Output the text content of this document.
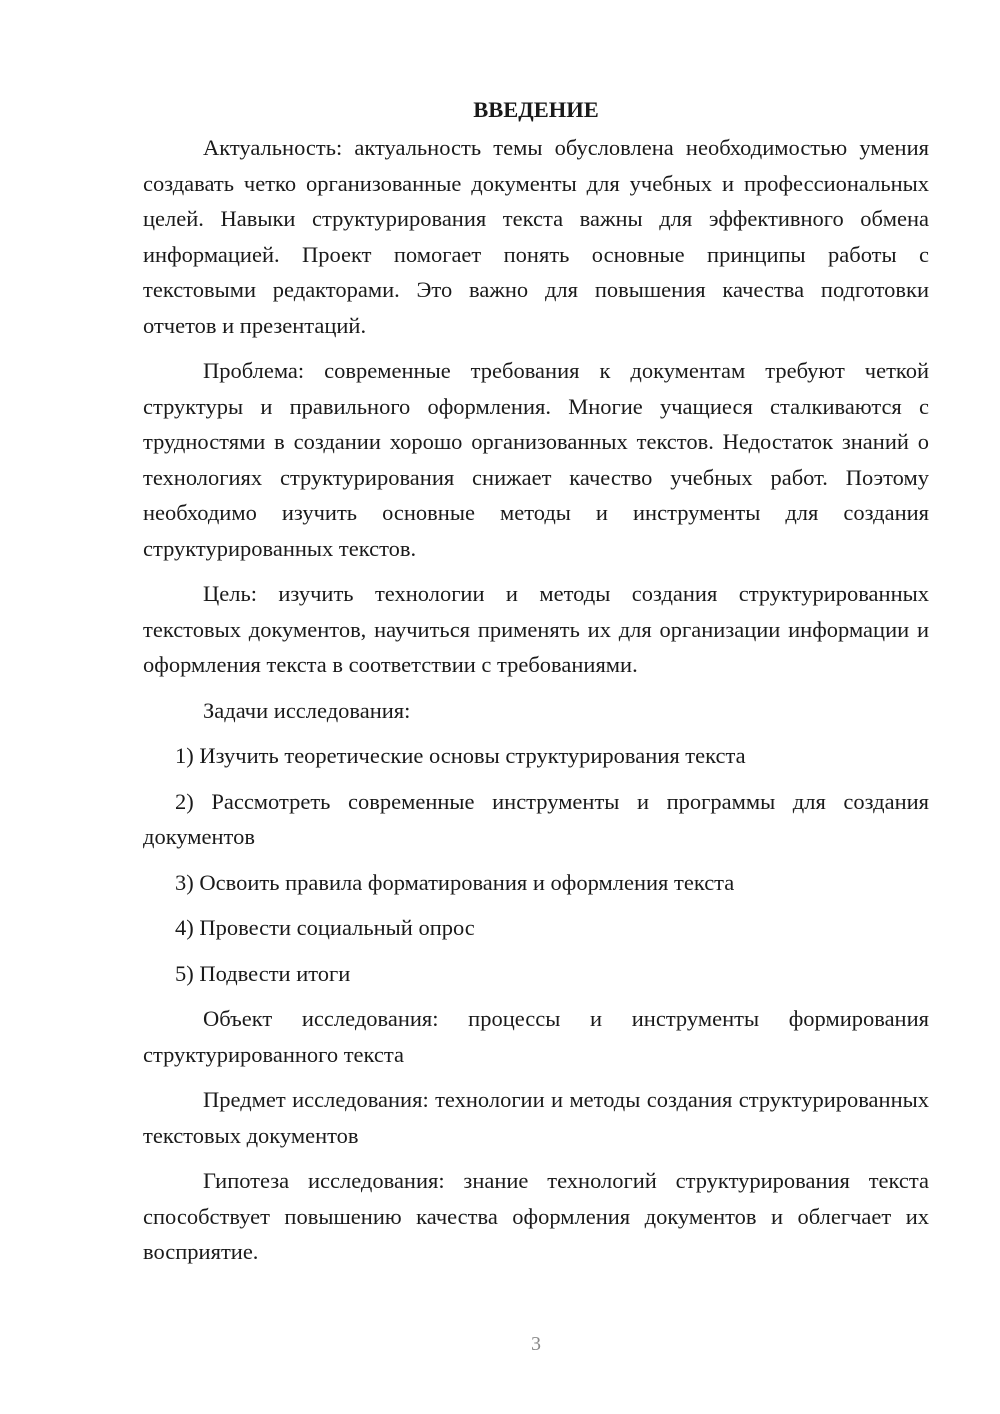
ВВЕДЕНИЕ

Актуальность: актуальность темы обусловлена необходимостью умения создавать четко организованные документы для учебных и профессиональных целей. Навыки структурирования текста важны для эффективного обмена информацией. Проект помогает понять основные принципы работы с текстовыми редакторами. Это важно для повышения качества подготовки отчетов и презентаций.

Проблема: современные требования к документам требуют четкой структуры и правильного оформления. Многие учащиеся сталкиваются с трудностями в создании хорошо организованных текстов. Недостаток знаний о технологиях структурирования снижает качество учебных работ. Поэтому необходимо изучить основные методы и инструменты для создания структурированных текстов.

Цель: изучить технологии и методы создания структурированных текстовых документов, научиться применять их для организации информации и оформления текста в соответствии с требованиями.

Задачи исследования:

1) Изучить теоретические основы структурирования текста

2) Рассмотреть современные инструменты и программы для создания документов

3) Освоить правила форматирования и оформления текста

4) Провести социальный опрос

5) Подвести итоги

Объект исследования: процессы и инструменты формирования структурированного текста

Предмет исследования: технологии и методы создания структурированных текстовых документов

Гипотеза исследования: знание технологий структурирования текста способствует повышению качества оформления документов и облегчает их восприятие.

3
